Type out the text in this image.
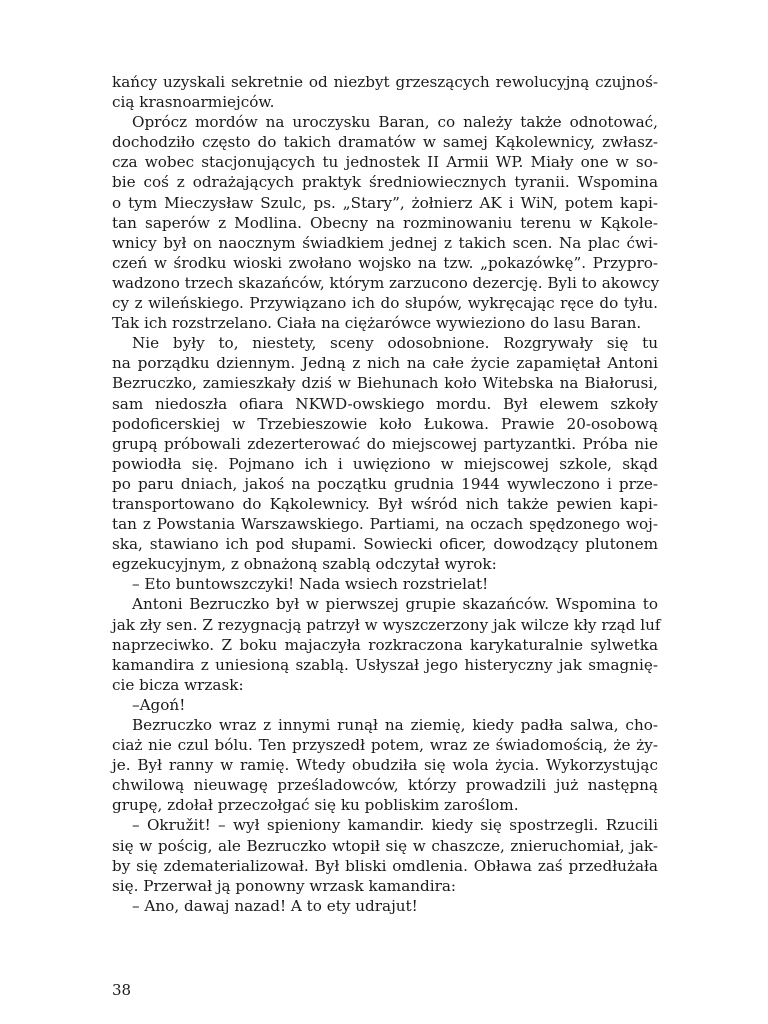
kańcy uzyskali sekretnie od niezbyt grzeszących rewolucyjną czujnoś-
cią krasnoarmiejców.
Oprócz mordów na uroczysku Baran, co należy także odnotować,
dochodziło często do takich dramatów w samej Kąkolewnicy, zwłasz-
cza wobec stacjonujących tu jednostek II Armii WP. Miały one w so-
bie coś z odrażających praktyk średniowiecznych tyranii. Wspomina
o tym Mieczysław Szulc, ps. „Stary”, żołnierz AK i WiN, potem kapi-
tan saperów z Modlina. Obecny na rozminowaniu terenu w Kąkole-
wnicy był on naocznym świadkiem jednej z takich scen. Na plac ćwi-
czeń w środku wioski zwołano wojsko na tzw. „pokazówkę”. Przypro-
wadzono trzech skazańców, którym zarzucono dezercję. Byli to akowcy
cy z wileńskiego. Przywiązano ich do słupów, wykręcając ręce do tyłu.
Tak ich rozstrzelano. Ciała na ciężarówce wywieziono do lasu Baran.
Nie były to, niestety, sceny odosobnione. Rozgrywały się tu
na porządku dziennym. Jedną z nich na całe życie zapamiętał Antoni
Bezruczko, zamieszkały dziś w Biehunach koło Witebska na Białorusi,
sam niedoszła ofiara NKWD-owskiego mordu. Był elewem szkoły
podoficerskiej w Trzebieszowie koło Łukowa. Prawie 20-osobową
grupą próbowali zdezerterować do miejscowej partyzantki. Próba nie
powiodła się. Pojmano ich i uwięziono w miejscowej szkole, skąd
po paru dniach, jakoś na początku grudnia 1944 wywleczono i prze-
transportowano do Kąkolewnicy. Był wśród nich także pewien kapi-
tan z Powstania Warszawskiego. Partiami, na oczach spędzonego woj-
ska, stawiano ich pod słupami. Sowiecki oficer, dowodzący plutonem
egzekucyjnym, z obnażoną szablą odczytał wyrok:
– Eto buntowszczyki! Nada wsiech rozstrielat!
Antoni Bezruczko był w pierwszej grupie skazańców. Wspomina to
jak zły sen. Z rezygnacją patrzył w wyszczerzony jak wilcze kły rząd luf
naprzeciwko. Z boku majaczyła rozkraczona karykaturalnie sylwetka
kamandira z uniesioną szablą. Usłyszał jego histeryczny jak smagnię-
cie bicza wrzask:
–Agoń!
Bezruczko wraz z innymi runął na ziemię, kiedy padła salwa, cho-
ciaż nie czul bólu. Ten przyszedł potem, wraz ze świadomością, że ży-
je. Był ranny w ramię. Wtedy obudziła się wola życia. Wykorzystując
chwilową nieuwagę prześladowców, którzy prowadzili już następną
grupę, zdołał przeczołgać się ku pobliskim zaroślom.
– Okružit! – wył spieniony kamandir. kiedy się spostrzegli. Rzucili
się w pościg, ale Bezruczko wtopił się w chaszcze, znieruchomiał, jak-
by się zdematerializował. Był bliski omdlenia. Obława zaś przedłużała
się. Przerwał ją ponowny wrzask kamandira:
– Ano, dawaj nazad! A to ety udrajut!
38
